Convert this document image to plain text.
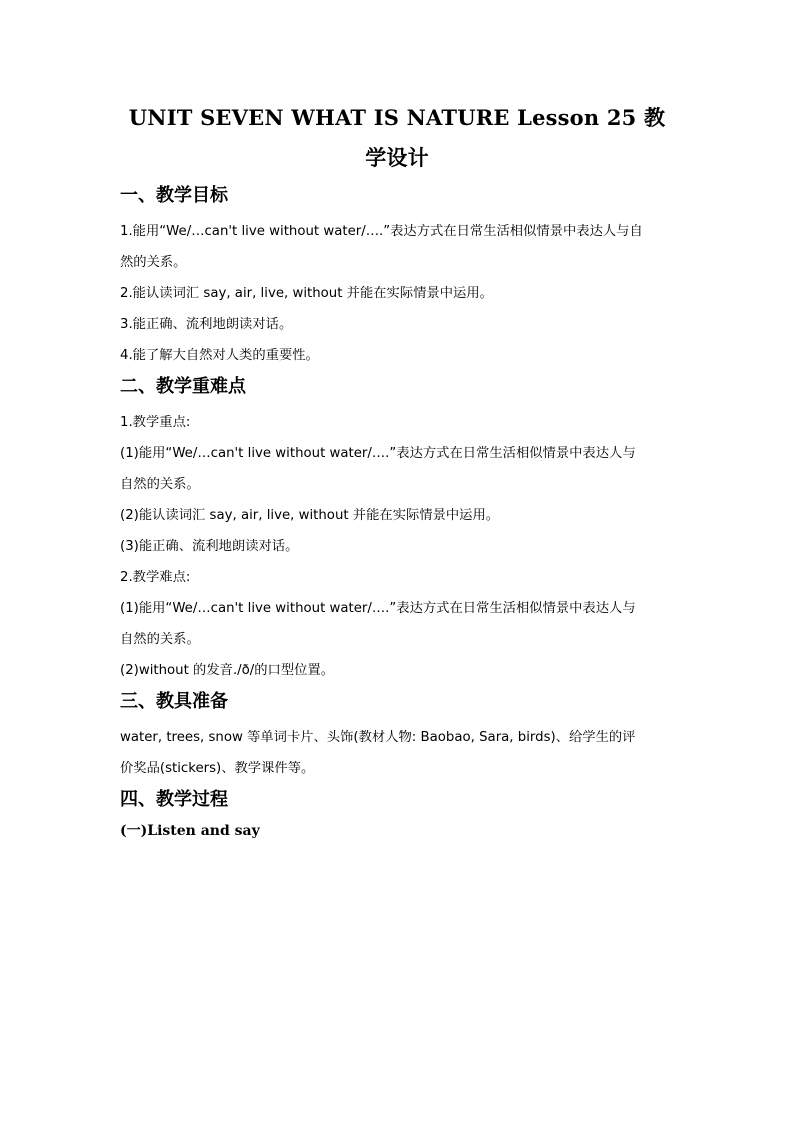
UNIT SEVEN WHAT IS NATURE Lesson 25 教学设计
一、教学目标

1.能用“We/…can't live without water/….”表达方式在日常生活相似情景中表达人与自

然的关系。

2.能认读词汇 say, air, live, without 并能在实际情景中运用。

3.能正确、流利地朗读对话。

4.能了解大自然对人类的重要性。

二、教学重难点

1.教学重点:

(1)能用“We/…can't live without water/….”表达方式在日常生活相似情景中表达人与

自然的关系。

(2)能认读词汇 say, air, live, without 并能在实际情景中运用。

(3)能正确、流利地朗读对话。

2.教学难点:

(1)能用“We/…can't live without water/….”表达方式在日常生活相似情景中表达人与

自然的关系。

(2)without 的发音./ð/的口型位置。

三、教具准备

water, trees, snow 等单词卡片、头饰(教材人物: Baobao, Sara, birds)、给学生的评

价奖品(stickers)、教学课件等。

四、教学过程
(一)Listen and say
